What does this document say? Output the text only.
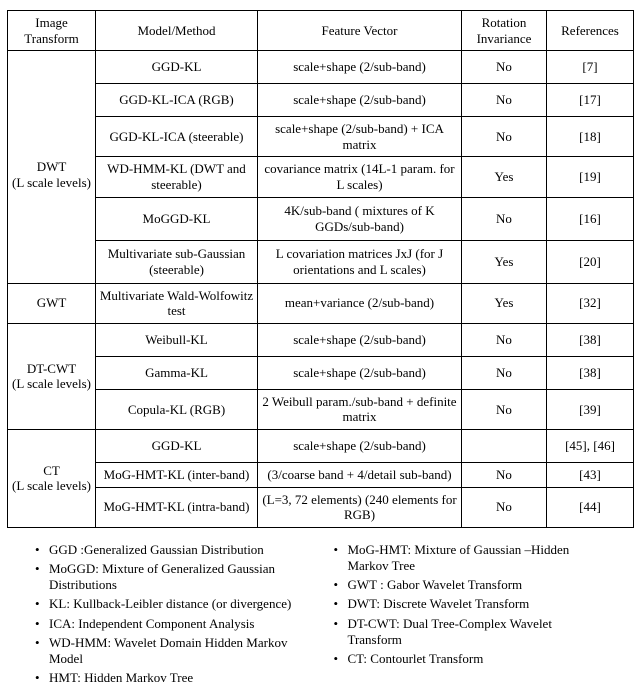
Image Transform	Model/Method	Feature Vector	Rotation Invariance	References

DWT
(L scale levels)	GGD-KL	scale+shape (2/sub-band)	No	[7]
	GGD-KL-ICA (RGB)	scale+shape (2/sub-band)	No	[17]
	GGD-KL-ICA (steerable)	scale+shape (2/sub-band) + ICA matrix	No	[18]
	WD-HMM-KL (DWT and steerable)	covariance matrix (14L-1 param. for L scales)	Yes	[19]
	MoGGD-KL	4K/sub-band ( mixtures of K GGDs/sub-band)	No	[16]
	Multivariate sub-Gaussian (steerable)	L covariation matrices JxJ (for J orientations and L scales)	Yes	[20]

GWT	Multivariate Wald-Wolfowitz test	mean+variance (2/sub-band)	Yes	[32]

DT-CWT
(L scale levels)	Weibull-KL	scale+shape (2/sub-band)	No	[38]
	Gamma-KL	scale+shape (2/sub-band)	No	[38]
	Copula-KL (RGB)	2 Weibull param./sub-band + definite matrix	No	[39]

CT
(L scale levels)	GGD-KL	scale+shape (2/sub-band)		[45], [46]
	MoG-HMT-KL (inter-band)	(3/coarse band + 4/detail sub-band)	No	[43]
	MoG-HMT-KL (intra-band)	(L=3, 72 elements) (240 elements for RGB)	No	[44]
• GGD :Generalized Gaussian Distribution
• MoGGD: Mixture of Generalized Gaussian Distributions
• KL: Kullback-Leibler distance (or divergence)
• ICA: Independent Component Analysis
• WD-HMM: Wavelet Domain Hidden Markov Model
• HMT: Hidden Markov Tree
• MoG-HMT: Mixture of Gaussian –Hidden Markov Tree
• GWT : Gabor Wavelet Transform
• DWT: Discrete Wavelet Transform
• DT-CWT: Dual Tree-Complex Wavelet Transform
• CT: Contourlet Transform
